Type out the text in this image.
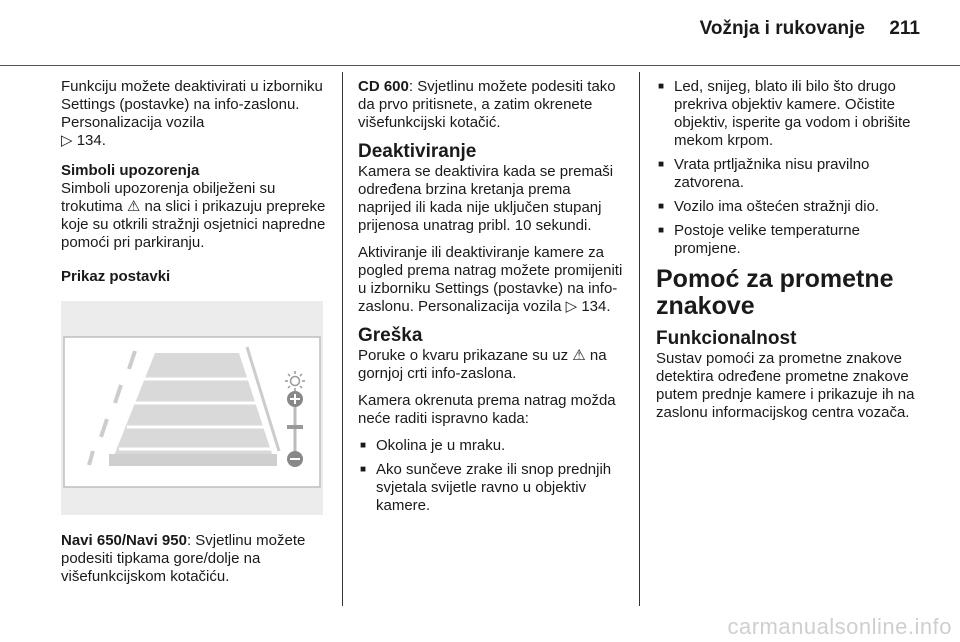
Vožnja i rukovanje 211

Funkciju možete deaktivirati u izborniku Settings (postavke) na info-zaslonu. Personalizacija vozila
▷ 134.

Simboli upozorenja
Simboli upozorenja obilježeni su trokutima ⚠ na slici i prikazuju prepreke koje su otkrili stražnji osjetnici napredne pomoći pri parkiranju.

Prikaz postavki

Navi 650/Navi 950: Svjetlinu možete podesiti tipkama gore/dolje na višefunkcijskom kotačiću.

CD 600: Svjetlinu možete podesiti tako da prvo pritisnete, a zatim okrenete višefunkcijski kotačić.

Deaktiviranje

Kamera se deaktivira kada se premaši određena brzina kretanja prema naprijed ili kada nije uključen stupanj prijenosa unatrag pribl. 10 sekundi.

Aktiviranje ili deaktiviranje kamere za pogled prema natrag možete promijeniti u izborniku Settings (postavke) na info-zaslonu. Personalizacija vozila ▷ 134.

Greška

Poruke o kvaru prikazane su uz ⚠ na gornjoj crti info-zaslona.

Kamera okrenuta prema natrag možda neće raditi ispravno kada:

■ Okolina je u mraku.
■ Ako sunčeve zrake ili snop prednjih svjetala svijetle ravno u objektiv kamere.
■ Led, snijeg, blato ili bilo što drugo prekriva objektiv kamere. Očistite objektiv, isperite ga vodom i obrišite mekom krpom.
■ Vrata prtljažnika nisu pravilno zatvorena.
■ Vozilo ima oštećen stražnji dio.
■ Postoje velike temperaturne promjene.
Pomoć za prometne znakove
Funkcionalnost

Sustav pomoći za prometne znakove detektira određene prometne znakove putem prednje kamere i prikazuje ih na zaslonu informacijskog centra vozača.

carmanualsonline.info
